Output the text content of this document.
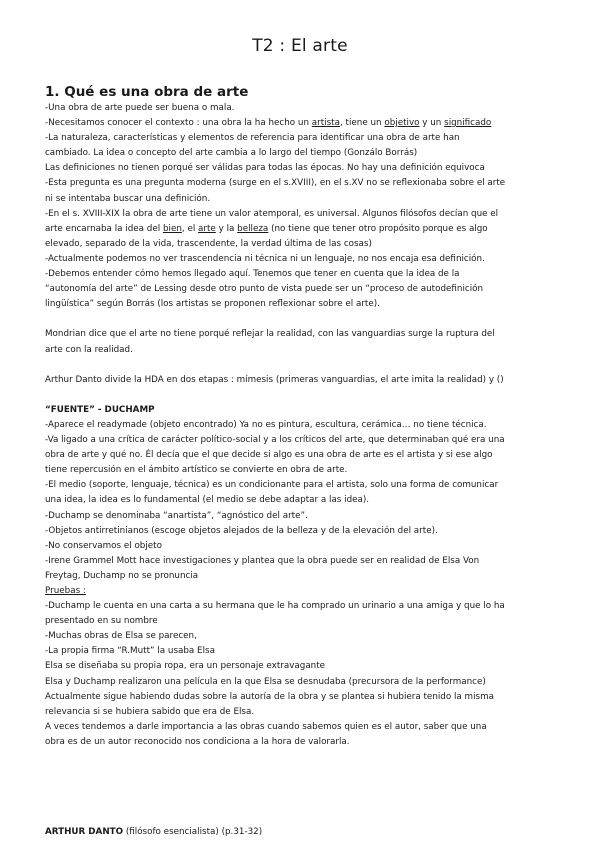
T2 : El arte
1. Qué es una obra de arte

-Una obra de arte puede ser buena o mala.

-Necesitamos conocer el contexto : una obra la ha hecho un artista, tiene un objetivo y un significado

-La naturaleza, características y elementos de referencia para identificar una obra de arte han

cambiado. La idea o concepto del arte cambia a lo largo del tiempo (Gonzálo Borrás)

Las definiciones no tienen porqué ser válidas para todas las épocas. No hay una definición equivoca

-Esta pregunta es una pregunta moderna (surge en el s.XVIII), en el s.XV no se reflexionaba sobre el arte

ni se intentaba buscar una definición.

-En el s. XVIII-XIX la obra de arte tiene un valor atemporal, es universal. Algunos filósofos decían que el

arte encarnaba la idea del bien, el arte y la belleza (no tiene que tener otro propósito porque es algo

elevado, separado de la vida, trascendente, la verdad última de las cosas)

-Actualmente podemos no ver trascendencia ni técnica ni un lenguaje, no nos encaja esa definición.

-Debemos entender cómo hemos llegado aquí. Tenemos que tener en cuenta que la idea de la

“autonomía del arte” de Lessing desde otro punto de vista puede ser un “proceso de autodefinición

lingüística” según Borrás (los artistas se proponen reflexionar sobre el arte).

Mondrian dice que el arte no tiene porqué reflejar la realidad, con las vanguardias surge la ruptura del

arte con la realidad.

Arthur Danto divide la HDA en dos etapas : mímesis (primeras vanguardias, el arte imita la realidad) y ()

“FUENTE” - DUCHAMP

-Aparece el readymade (objeto encontrado) Ya no es pintura, escultura, cerámica… no tiene técnica.

-Va ligado a una crítica de carácter político-social y a los críticos del arte, que determinaban qué era una

obra de arte y qué no. Él decía que el que decide si algo es una obra de arte es el artista y si ese algo

tiene repercusión en el ámbito artístico se convierte en obra de arte.

-El medio (soporte, lenguaje, técnica) es un condicionante para el artista, solo una forma de comunicar

una idea, la idea es lo fundamental (el medio se debe adaptar a las idea).

-Duchamp se denominaba “anartista”, “agnóstico del arte”.

-Objetos antirretinianos (escoge objetos alejados de la belleza y de la elevación del arte).

-No conservamos el objeto

-Irene Grammel Mott hace investigaciones y plantea que la obra puede ser en realidad de Elsa Von

Freytag, Duchamp no se pronuncia

Pruebas :

-Duchamp le cuenta en una carta a su hermana que le ha comprado un urinario a una amiga y que lo ha

presentado en su nombre

-Muchas obras de Elsa se parecen,

-La propia firma “R.Mutt” la usaba Elsa

Elsa se diseñaba su propia ropa, era un personaje extravagante

Elsa y Duchamp realizaron una película en la que Elsa se desnudaba (precursora de la performance)

Actualmente sigue habiendo dudas sobre la autoría de la obra y se plantea si hubiera tenido la misma

relevancia si se hubiera sabido que era de Elsa.

A veces tendemos a darle importancia a las obras cuando sabemos quien es el autor, saber que una

obra es de un autor reconocido nos condiciona a la hora de valorarla.

ARTHUR DANTO (filósofo esencialista) (p.31-32)
